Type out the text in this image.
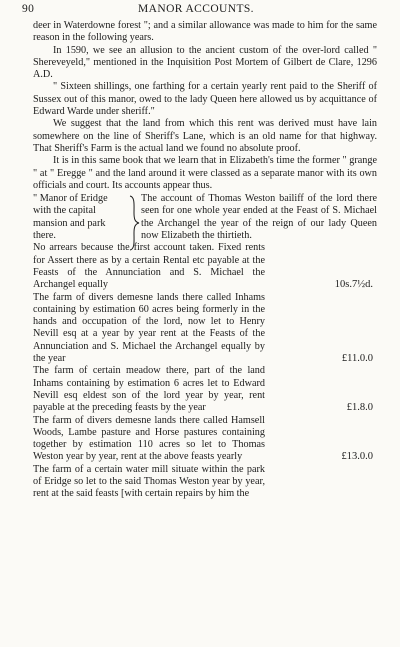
90	MANOR ACCOUNTS.

deer in Waterdowne forest "; and a similar allowance was made to him for the same reason in the following years.

In 1590, we see an allusion to the ancient custom of the over-lord called " Shereveyeld," mentioned in the Inquisition Post Mortem of Gilbert de Clare, 1296 A.D.

" Sixteen shillings, one farthing for a certain yearly rent paid to the Sheriff of Sussex out of this manor, owed to the lady Queen here allowed us by acquittance of Edward Warde under sheriff."

We suggest that the land from which this rent was derived must have lain somewhere on the line of Sheriff's Lane, which is an old name for that highway. That Sheriff's Farm is the actual land we found no absolute proof.

It is in this same book that we learn that in Elizabeth's time the former " grange " at " Eregge " and the land around it were classed as a separate manor with its own officials and court. Its accounts appear thus.

" Manor of Eridge with the capital mansion and park there.
The account of Thomas Weston bailiff of the lord there seen for one whole year ended at the Feast of S. Michael the Archangel the year of the reign of our lady Queen now Elizabeth the thirtieth.
No arrears because the first account taken. Fixed rents for Assert there as by a certain Rental etc payable at the Feasts of the Annunciation and S. Michael the Archangel equally	10s.7½d.
The farm of divers demesne lands there called Inhams containing by estimation 60 acres being formerly in the hands and occupation of the lord, now let to Henry Nevill esq at a year by year rent at the Feasts of the Annunciation and S. Michael the Archangel equally by the year	£11.0.0
The farm of certain meadow there, part of the land Inhams containing by estimation 6 acres let to Edward Nevill esq eldest son of the lord year by year, rent payable at the preceding feasts by the year	£1.8.0
The farm of divers demesne lands there called Hamsell Woods, Lambe pasture and Horse pastures containing together by estimation 110 acres so let to Thomas Weston year by year, rent at the above feasts yearly	£13.0.0
The farm of a certain water mill situate within the park of Eridge so let to the said Thomas Weston year by year, rent at the said feasts [with certain repairs by him the
